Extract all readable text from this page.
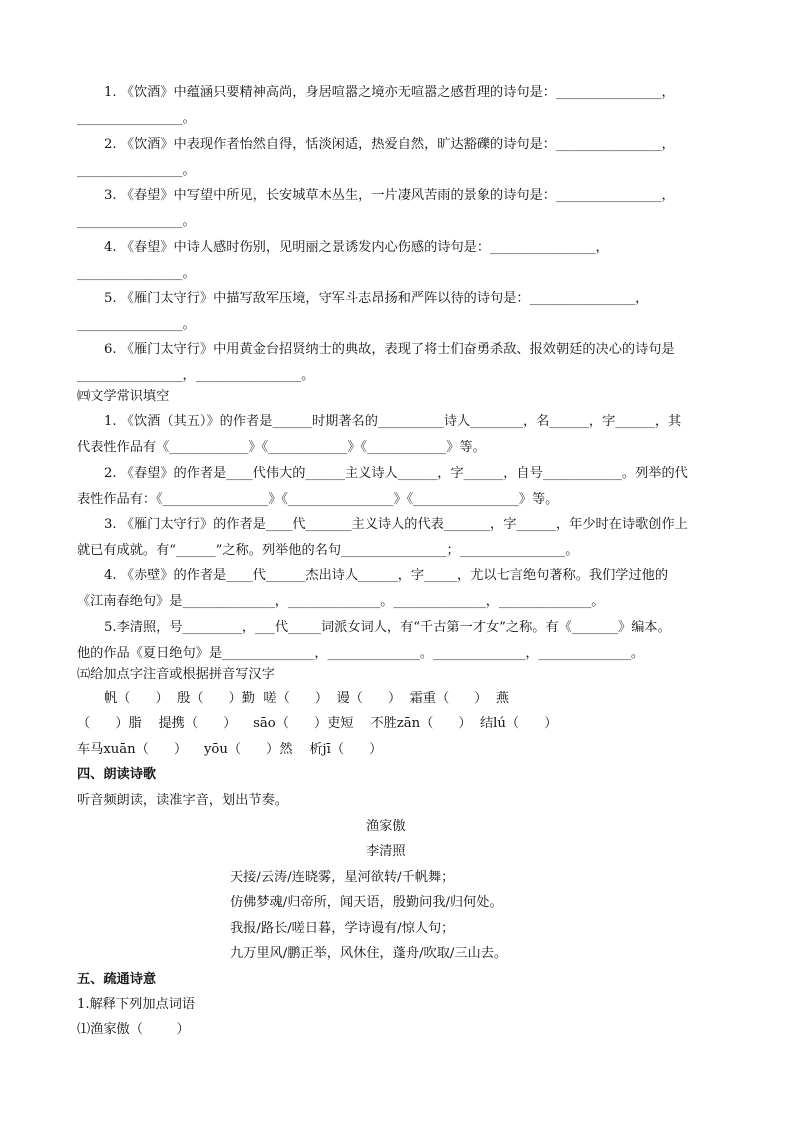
1. 《饮酒》中蕴涵只要精神高尚，身居喧嚣之境亦无喧嚣之感哲理的诗句是：________________，
________________。
2. 《饮酒》中表现作者怡然自得，恬淡闲适，热爱自然，旷达豁礫的诗句是：________________，
________________。
3. 《春望》中写望中所见，长安城草木丛生，一片凄风苦雨的景象的诗句是：________________，
________________。
4. 《春望》中诗人感时伤别，见明丽之景诱发内心伤感的诗句是：________________，
________________。
5. 《雁门太守行》中描写敌军压境，守军斗志昂扬和严阵以待的诗句是：________________，
________________。
6. 《雁门太守行》中用黄金台招贤纳士的典故，表现了将士们奋勇杀敌、报效朝廷的决心的诗句是
________________，________________。
㈣文学常识填空
1. 《饮酒（其五）》的作者是______时期著名的__________诗人________，名______，字______，其
代表性作品有《____________》《____________》《____________》等。
2. 《春望》的作者是____代伟大的______主义诗人______，字______，自号____________。列举的代
表性作品有：《________________》《________________》《________________》等。
3. 《雁门太守行》的作者是____代_______主义诗人的代表_______，字______，年少时在诗歌创作上
就已有成就。有“______”之称。列举他的名句________________；________________。
4. 《赤壁》的作者是____代______杰出诗人______，字_____，尤以七言绝句著称。我们学过他的
《江南春绝句》是______________，______________。______________，______________。
5.李清照，号_________，___代_____词派女词人，有“千古第一才女”之称。有《_______》编本。
他的作品《夏日绝句》是______________，______________。______________，______________。
㈤给加点字注音或根据拼音写汉字
帆（      ）  殷（      ）勤  嗟（      ）  谩（      ）  霜重（      ）  燕
（      ）脂    提携（      ）    sāo（      ）吏短    不胜zān（      ）  结lú（      ）
车马xuān（      ）    yōu（      ）然    析jī（      ）
四、朗读诗歌
听音频朗读，读准字音，划出节奏。
渔家傲
李清照
天接/云涛/连晓雾，星河欲转/千帆舞；
仿佛梦魂/归帝所，闻天语，殷勤问我/归何处。
我报/路长/嗟日暮，学诗谩有/惊人句；
九万里风/鹏正举，风休住，蓬舟/吹取/三山去。
五、疏通诗意
1.解释下列加点词语
⑴渔家傲（        ）
